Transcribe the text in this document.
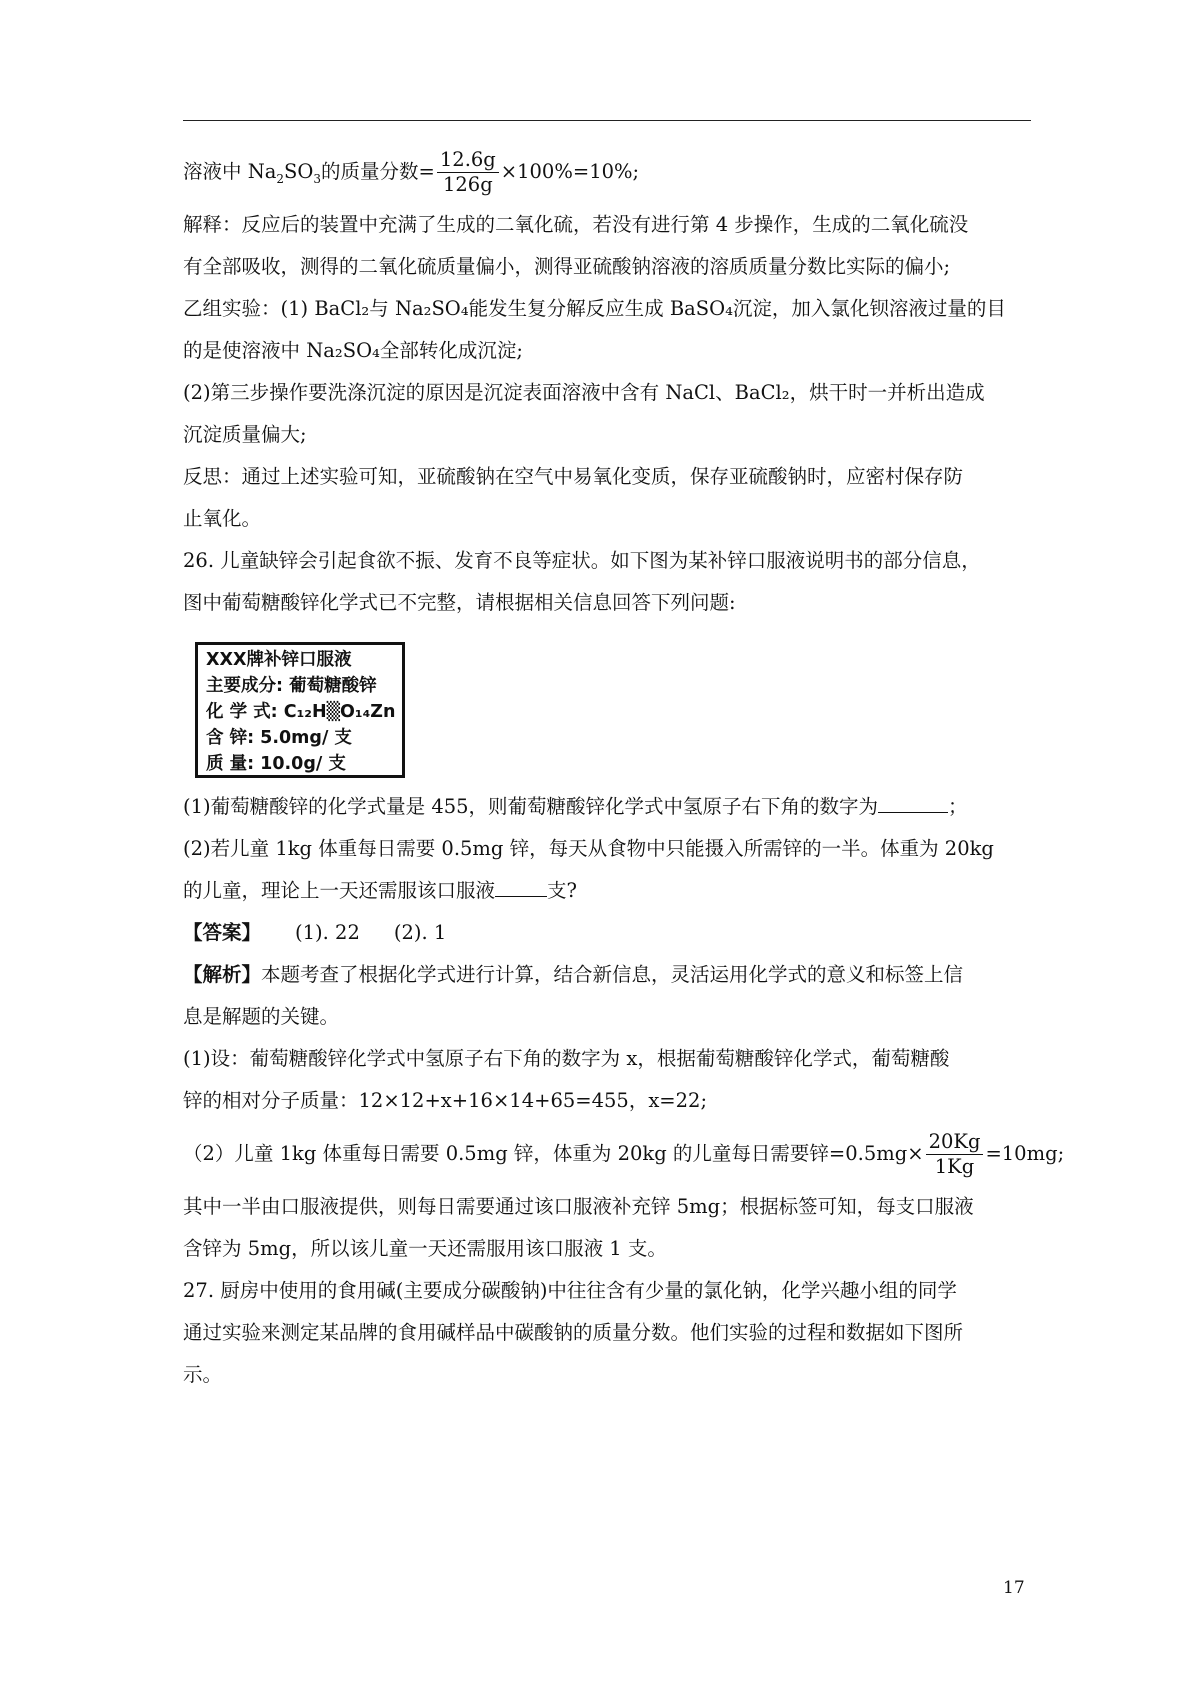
溶液中 $Na_2SO_3$的质量分数= $\frac{12.6g}{126g} \times 100\%=10\%$;
解释：反应后的装置中充满了生成的二氧化硫，若没有进行第 4 步操作，生成的二氧化硫没
有全部吸收，测得的二氧化硫质量偏小，测得亚硫酸钠溶液的溶质质量分数比实际的偏小;
乙组实验：(1) BaCl₂与 Na₂SO₄能发生复分解反应生成 BaSO₄沉淀，加入氯化钡溶液过量的目
的是使溶液中 Na₂SO₄全部转化成沉淀;
(2)第三步操作要洗涤沉淀的原因是沉淀表面溶液中含有 NaCl、BaCl₂，烘干时一并析出造成
沉淀质量偏大;
反思：通过上述实验可知，亚硫酸钠在空气中易氧化变质，保存亚硫酸钠时，应密村保存防
止氧化。
26. 儿童缺锌会引起食欲不振、发育不良等症状。如下图为某补锌口服液说明书的部分信息，
图中葡萄糖酸锌化学式已不完整，请根据相关信息回答下列问题:
XXX牌补锌口服液
主要成分: 葡萄糖酸锌
化 学 式: C₁₂H▒O₁₄Zn
含 锌: 5.0mg/ 支
质 量: 10.0g/ 支
(1)葡萄糖酸锌的化学式量是 455，则葡萄糖酸锌化学式中氢原子右下角的数字为	；
(2)若儿童 1kg 体重每日需要 0.5mg 锌，每天从食物中只能摄入所需锌的一半。体重为 20kg
的儿童，理论上一天还需服该口服液	支?
【答案】 (1). 22 (2). 1
【解析】本题考查了根据化学式进行计算，结合新信息，灵活运用化学式的意义和标签上信
息是解题的关键。
(1)设：葡萄糖酸锌化学式中氢原子右下角的数字为 x，根据葡萄糖酸锌化学式，葡萄糖酸
锌的相对分子质量：12×12+x+16×14+65=455，x=22;
（2）儿童 1kg 体重每日需要 0.5mg 锌，体重为 20kg 的儿童每日需要锌$=0.5mg\times \frac{20Kg}{1Kg} =10mg$;
其中一半由口服液提供，则每日需要通过该口服液补充锌 5mg；根据标签可知，每支口服液
含锌为 5mg，所以该儿童一天还需服用该口服液 1 支。
27. 厨房中使用的食用碱(主要成分碳酸钠)中往往含有少量的氯化钠，化学兴趣小组的同学
通过实验来测定某品牌的食用碱样品中碳酸钠的质量分数。他们实验的过程和数据如下图所
示。
17
